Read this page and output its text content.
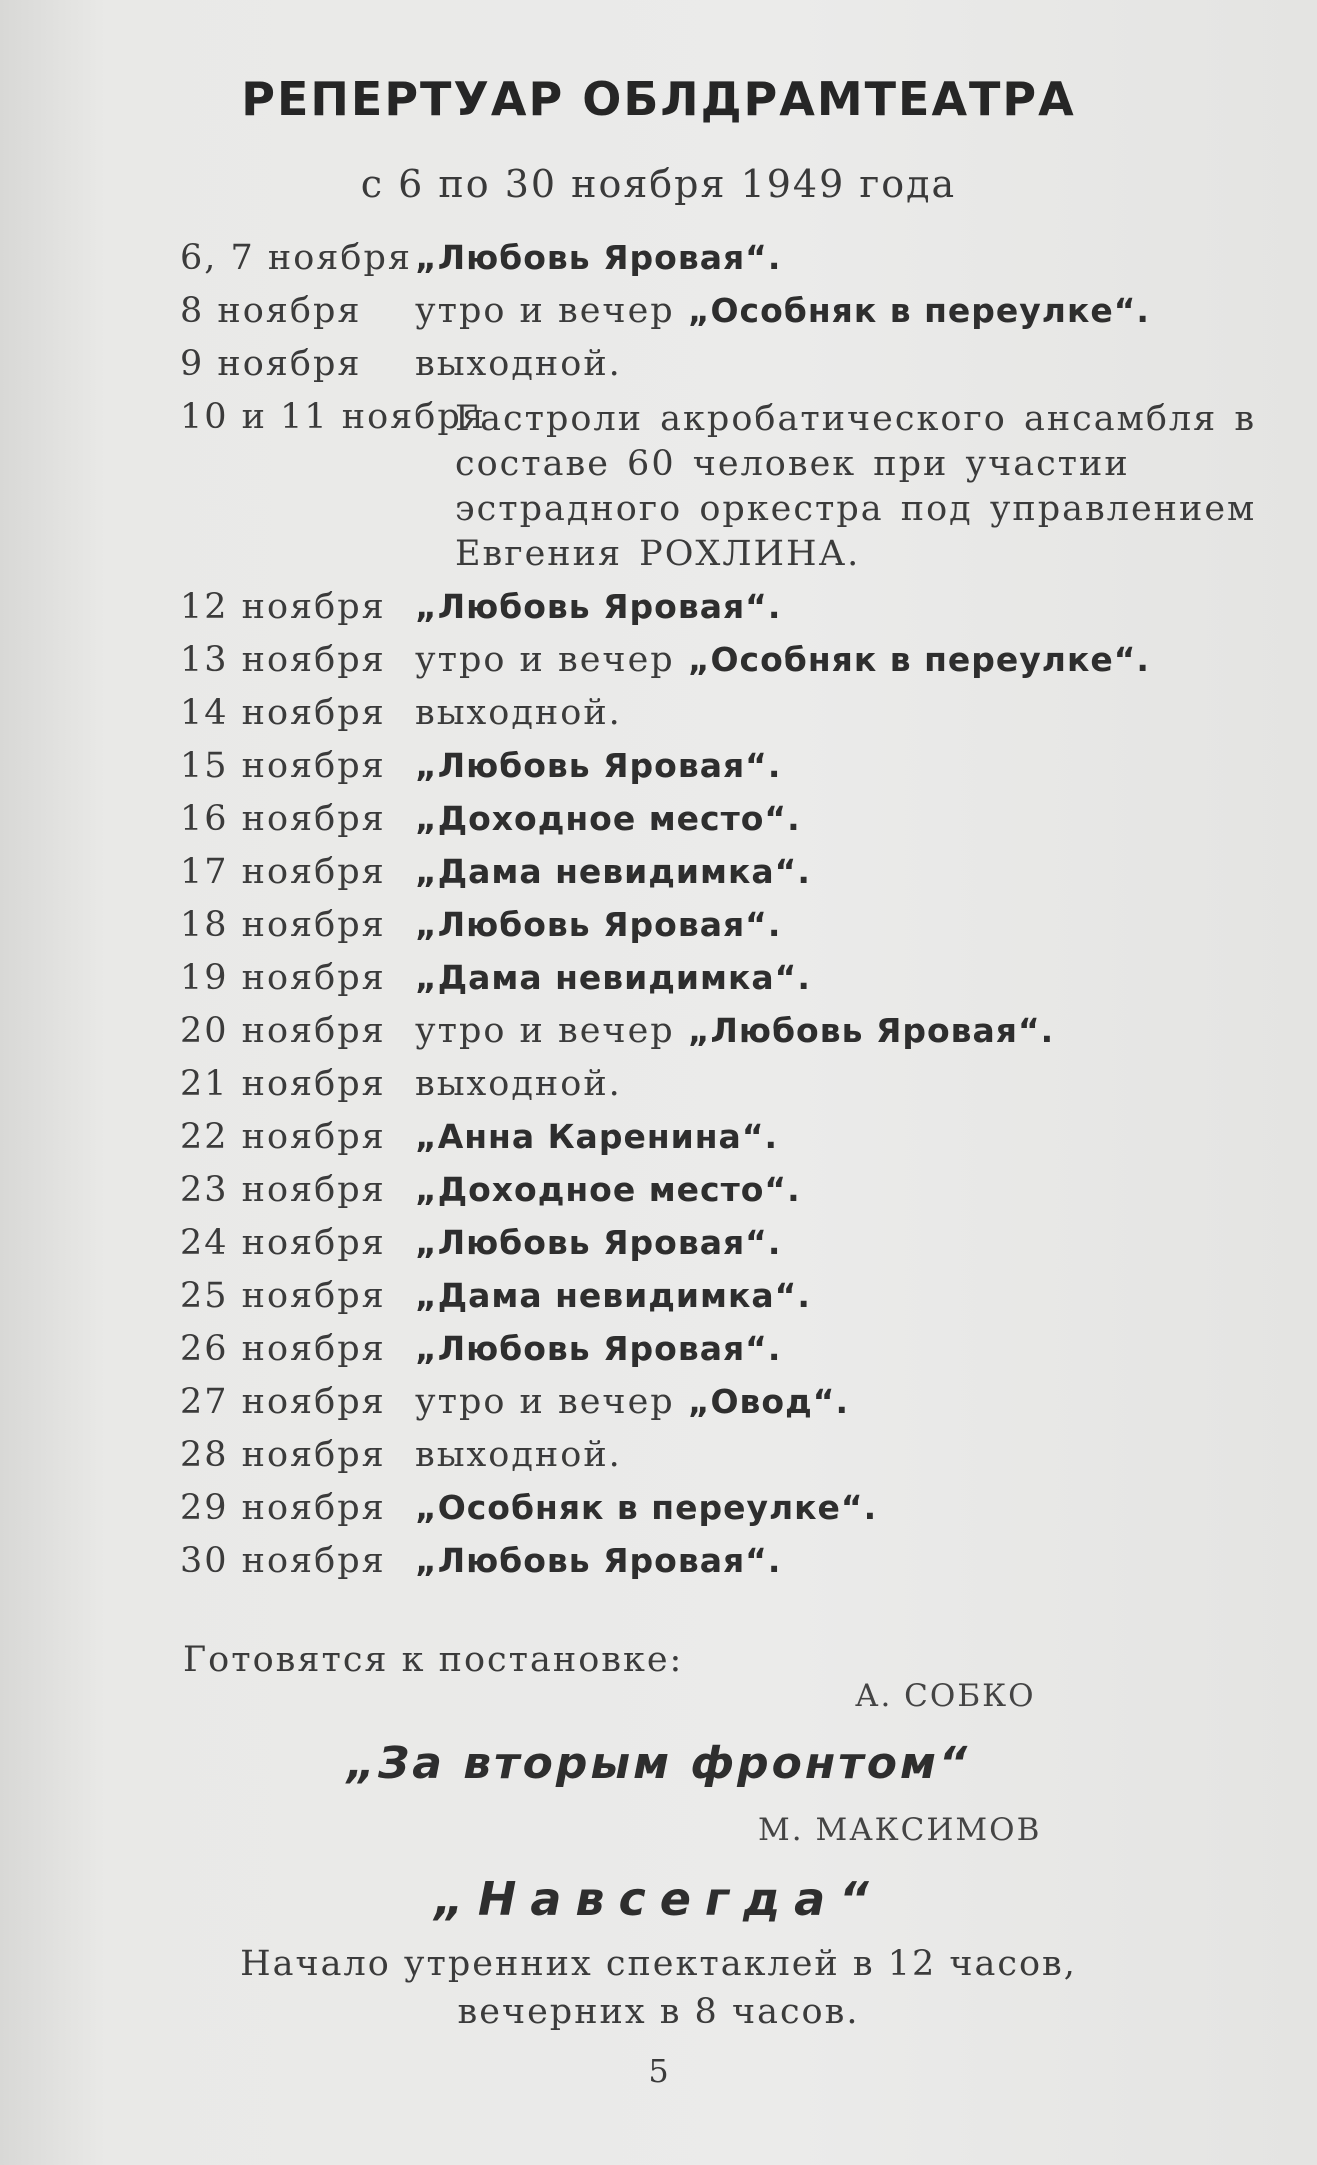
РЕПЕРТУАР ОБЛДРАМТЕАТРА
с 6 по 30 ноября 1949 года
6, 7 ноября „Любовь Яровая“.
8 ноября	утро и вечер „Особняк в переулке“.
9 ноября	выходной.
10 и 11 ноября
Гастроли акробатического ансамбля в составе 60 человек при участии эстрадного оркестра под управлением Евгения РОХЛИНА.
12 ноября „Любовь Яровая“.
13 ноября утро и вечер „Особняк в переулке“.
14 ноября выходной.
15 ноября „Любовь Яровая“.
16 ноября „Доходное место“.
17 ноября „Дама невидимка“.
18 ноября „Любовь Яровая“.
19 ноября „Дама невидимка“.
20 ноября утро и вечер „Любовь Яровая“.
21 ноября выходной.
22 ноября „Анна Каренина“.
23 ноября „Доходное место“.
24 ноября „Любовь Яровая“.
25 ноября „Дама невидимка“.
26 ноября „Любовь Яровая“.
27 ноября утро и вечер „Овод“.
28 ноября выходной.
29 ноября „Особняк в переулке“.
30 ноября „Любовь Яровая“.
Готовятся к постановке:
А. СОБКО
„За вторым фронтом“
М. МАКСИМОВ
„Навсегда“
Начало утренних спектаклей в 12 часов,
вечерних в 8 часов.
5
